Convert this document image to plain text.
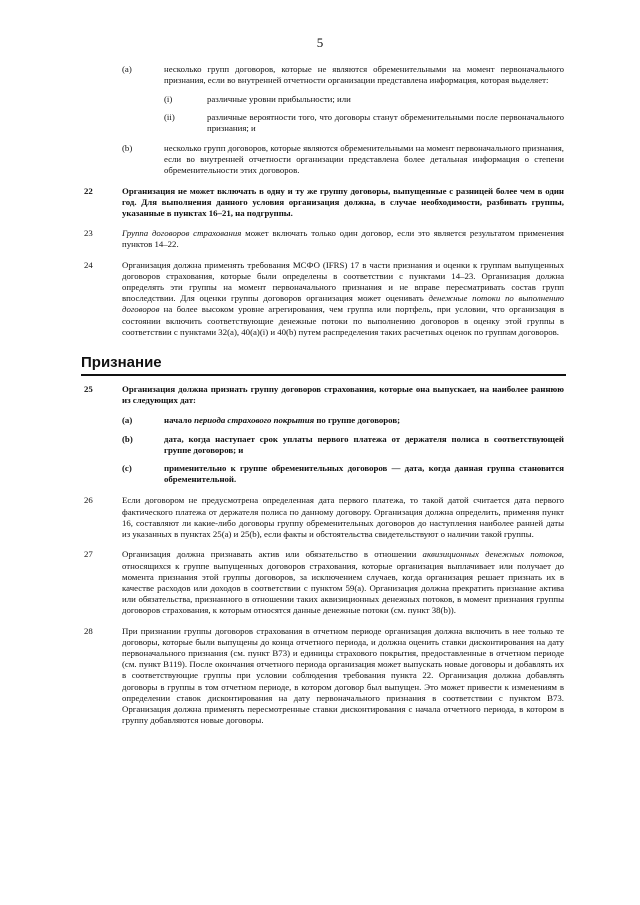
5
(a)	несколько групп договоров, которые не являются обременительными на момент первоначального признания, если во внутренней отчетности организации представлена информация, которая выделяет:
(i)	различные уровни прибыльности; или
(ii)	различные вероятности того, что договоры станут обременительными после первоначального признания; и
(b)	несколько групп договоров, которые являются обременительными на момент первоначального признания, если во внутренней отчетности организации представлена более детальная информация о степени обременительности этих договоров.
22	Организация не может включать в одну и ту же группу договоры, выпущенные с разницей более чем в один год. Для выполнения данного условия организация должна, в случае необходимости, разбивать группы, указанные в пунктах 16–21, на подгруппы.
23	Группа договоров страхования может включать только один договор, если это является результатом применения пунктов 14–22.
24	Организация должна применять требования МСФО (IFRS) 17 в части признания и оценки к группам выпущенных договоров страхования, которые были определены в соответствии с пунктами 14–23. Организация должна определять эти группы на момент первоначального признания и не вправе пересматривать состав групп впоследствии. Для оценки группы договоров организация может оценивать денежные потоки по выполнению договоров на более высоком уровне агрегирования, чем группа или портфель, при условии, что организация в состоянии включить соответствующие денежные потоки по выполнению договоров в оценку этой группы в соответствии с пунктами 32(a), 40(a)(i) и 40(b) путем распределения таких расчетных оценок по группам договоров.
Признание
25	Организация должна признать группу договоров страхования, которые она выпускает, на наиболее раннюю из следующих дат:
(a)	начало периода страхового покрытия по группе договоров;
(b)	дата, когда наступает срок уплаты первого платежа от держателя полиса в соответствующей группе договоров; и
(c)	применительно к группе обременительных договоров — дата, когда данная группа становится обременительной.
26	Если договором не предусмотрена определенная дата первого платежа, то такой датой считается дата первого фактического платежа от держателя полиса по данному договору. Организация должна определить, применяя пункт 16, составляют ли какие-либо договоры группу обременительных договоров до наступления наиболее ранней даты из указанных в пунктах 25(a) и 25(b), если факты и обстоятельства свидетельствуют о наличии такой группы.
27	Организация должна признавать актив или обязательство в отношении аквизиционных денежных потоков, относящихся к группе выпущенных договоров страхования, которые организация выплачивает или получает до момента признания этой группы договоров, за исключением случаев, когда организация решает признать их в качестве расходов или доходов в соответствии с пунктом 59(a). Организация должна прекратить признание актива или обязательства, признанного в отношении таких аквизиционных денежных потоков, в момент признания группы договоров страхования, к которым относятся данные денежные потоки (см. пункт 38(b)).
28	При признании группы договоров страхования в отчетном периоде организация должна включить в нее только те договоры, которые были выпущены до конца отчетного периода, и должна оценить ставки дисконтирования на дату первоначального признания (см. пункт B73) и единицы страхового покрытия, предоставленные в отчетном периоде (см. пункт B119). После окончания отчетного периода организация может выпускать новые договоры и добавлять их в соответствующие группы при условии соблюдения требования пункта 22. Организация должна добавлять договоры в группы в том отчетном периоде, в котором договор был выпущен. Это может привести к изменениям в определении ставок дисконтирования на дату первоначального признания в соответствии с пунктом B73. Организация должна применять пересмотренные ставки дисконтирования с начала отчетного периода, в котором в группу добавляются новые договоры.
